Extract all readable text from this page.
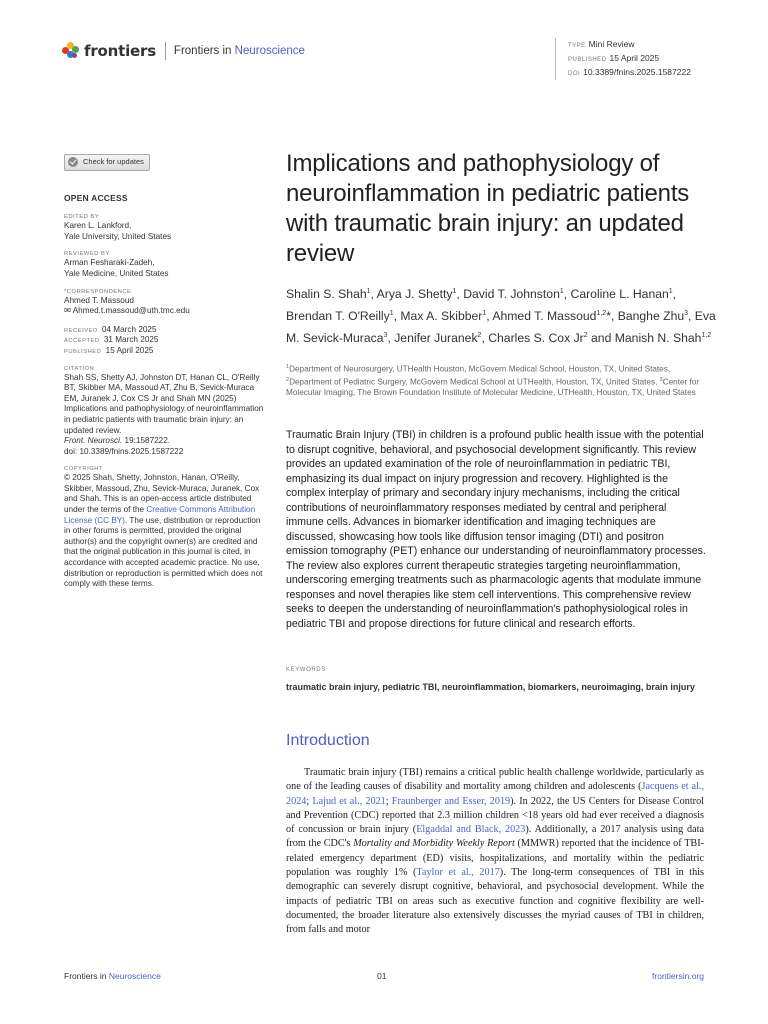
frontiers Frontiers in Neuroscience	TYPE Mini Review
PUBLISHED 15 April 2025
DOI 10.3389/fnins.2025.1587222
Check for updates
OPEN ACCESS
EDITED BY
Karen L. Lankford,
Yale University, United States
REVIEWED BY
Arman Fesharaki-Zadeh,
Yale Medicine, United States
*CORRESPONDENCE
Ahmed T. Massoud
✉ Ahmed.t.massoud@uth.tmc.edu
RECEIVED 04 March 2025
ACCEPTED 31 March 2025
PUBLISHED 15 April 2025
CITATION
Shah SS, Shetty AJ, Johnston DT, Hanan CL, O'Reilly BT, Skibber MA, Massoud AT, Zhu B, Sevick-Muraca EM, Juranek J, Cox CS Jr and Shah MN (2025) Implications and pathophysiology of neuroinflammation in pediatric patients with traumatic brain injury: an updated review.
Front. Neurosci. 19:1587222.
doi: 10.3389/fnins.2025.1587222
COPYRIGHT
© 2025 Shah, Shetty, Johnston, Hanan, O'Reilly, Skibber, Massoud, Zhu, Sevick-Muraca, Juranek, Cox and Shah. This is an open-access article distributed under the terms of the Creative Commons Attribution License (CC BY). The use, distribution or reproduction in other forums is permitted, provided the original author(s) and the copyright owner(s) are credited and that the original publication in this journal is cited, in accordance with accepted academic practice. No use, distribution or reproduction is permitted which does not comply with these terms.
Implications and pathophysiology of neuroinflammation in pediatric patients with traumatic brain injury: an updated review
Shalin S. Shah$^1$, Arya J. Shetty$^1$, David T. Johnston$^1$, Caroline L. Hanan$^1$, Brendan T. O'Reilly$^1$, Max A. Skibber$^1$, Ahmed T. Massoud$^{1,2}$*, Banghe Zhu$^3$, Eva M. Sevick-Muraca$^3$, Jenifer Juranek$^2$, Charles S. Cox Jr$^2$ and Manish N. Shah$^{1,2}$
$^1$Department of Neurosurgery, UTHealth Houston, McGovern Medical School, Houston, TX, United States, $^2$Department of Pediatric Surgery, McGovern Medical School at UTHealth, Houston, TX, United States, $^3$Center for Molecular Imaging, The Brown Foundation Institute of Molecular Medicine, UTHealth, Houston, TX, United States

Traumatic Brain Injury (TBI) in children is a profound public health issue with the potential to disrupt cognitive, behavioral, and psychosocial development significantly. This review provides an updated examination of the role of neuroinflammation in pediatric TBI, emphasizing its dual impact on injury progression and recovery. Highlighted is the complex interplay of primary and secondary injury mechanisms, including the critical contributions of neuroinflammatory responses mediated by central and peripheral immune cells. Advances in biomarker identification and imaging techniques are discussed, showcasing how tools like diffusion tensor imaging (DTI) and positron emission tomography (PET) enhance our understanding of neuroinflammatory processes. The review also explores current therapeutic strategies targeting neuroinflammation, underscoring emerging treatments such as pharmacologic agents that modulate immune responses and novel therapies like stem cell interventions. This comprehensive review seeks to deepen the understanding of neuroinflammation's pathophysiological roles in pediatric TBI and propose directions for future clinical and research efforts.

KEYWORDS
traumatic brain injury, pediatric TBI, neuroinflammation, biomarkers, neuroimaging, brain injury
Introduction

Traumatic brain injury (TBI) remains a critical public health challenge worldwide, particularly as one of the leading causes of disability and mortality among children and adolescents (Jacquens et al., 2024; Lajud et al., 2021; Fraunberger and Esser, 2019). In 2022, the US Centers for Disease Control and Prevention (CDC) reported that 2.3 million children <18 years old had ever received a diagnosis of concussion or brain injury (Elgaddal and Black, 2023). Additionally, a 2017 analysis using data from the CDC's Mortality and Morbidity Weekly Report (MMWR) reported that the incidence of TBI-related emergency department (ED) visits, hospitalizations, and mortality within the pediatric population was roughly 1% (Taylor et al., 2017). The long-term consequences of TBI in this demographic can severely disrupt cognitive, behavioral, and psychosocial development. While the impacts of pediatric TBI on areas such as executive function and cognitive flexibility are well-documented, the broader literature also extensively discusses the myriad causes of TBI in children, from falls and motor

Frontiers in Neuroscience	01	frontiersin.org
